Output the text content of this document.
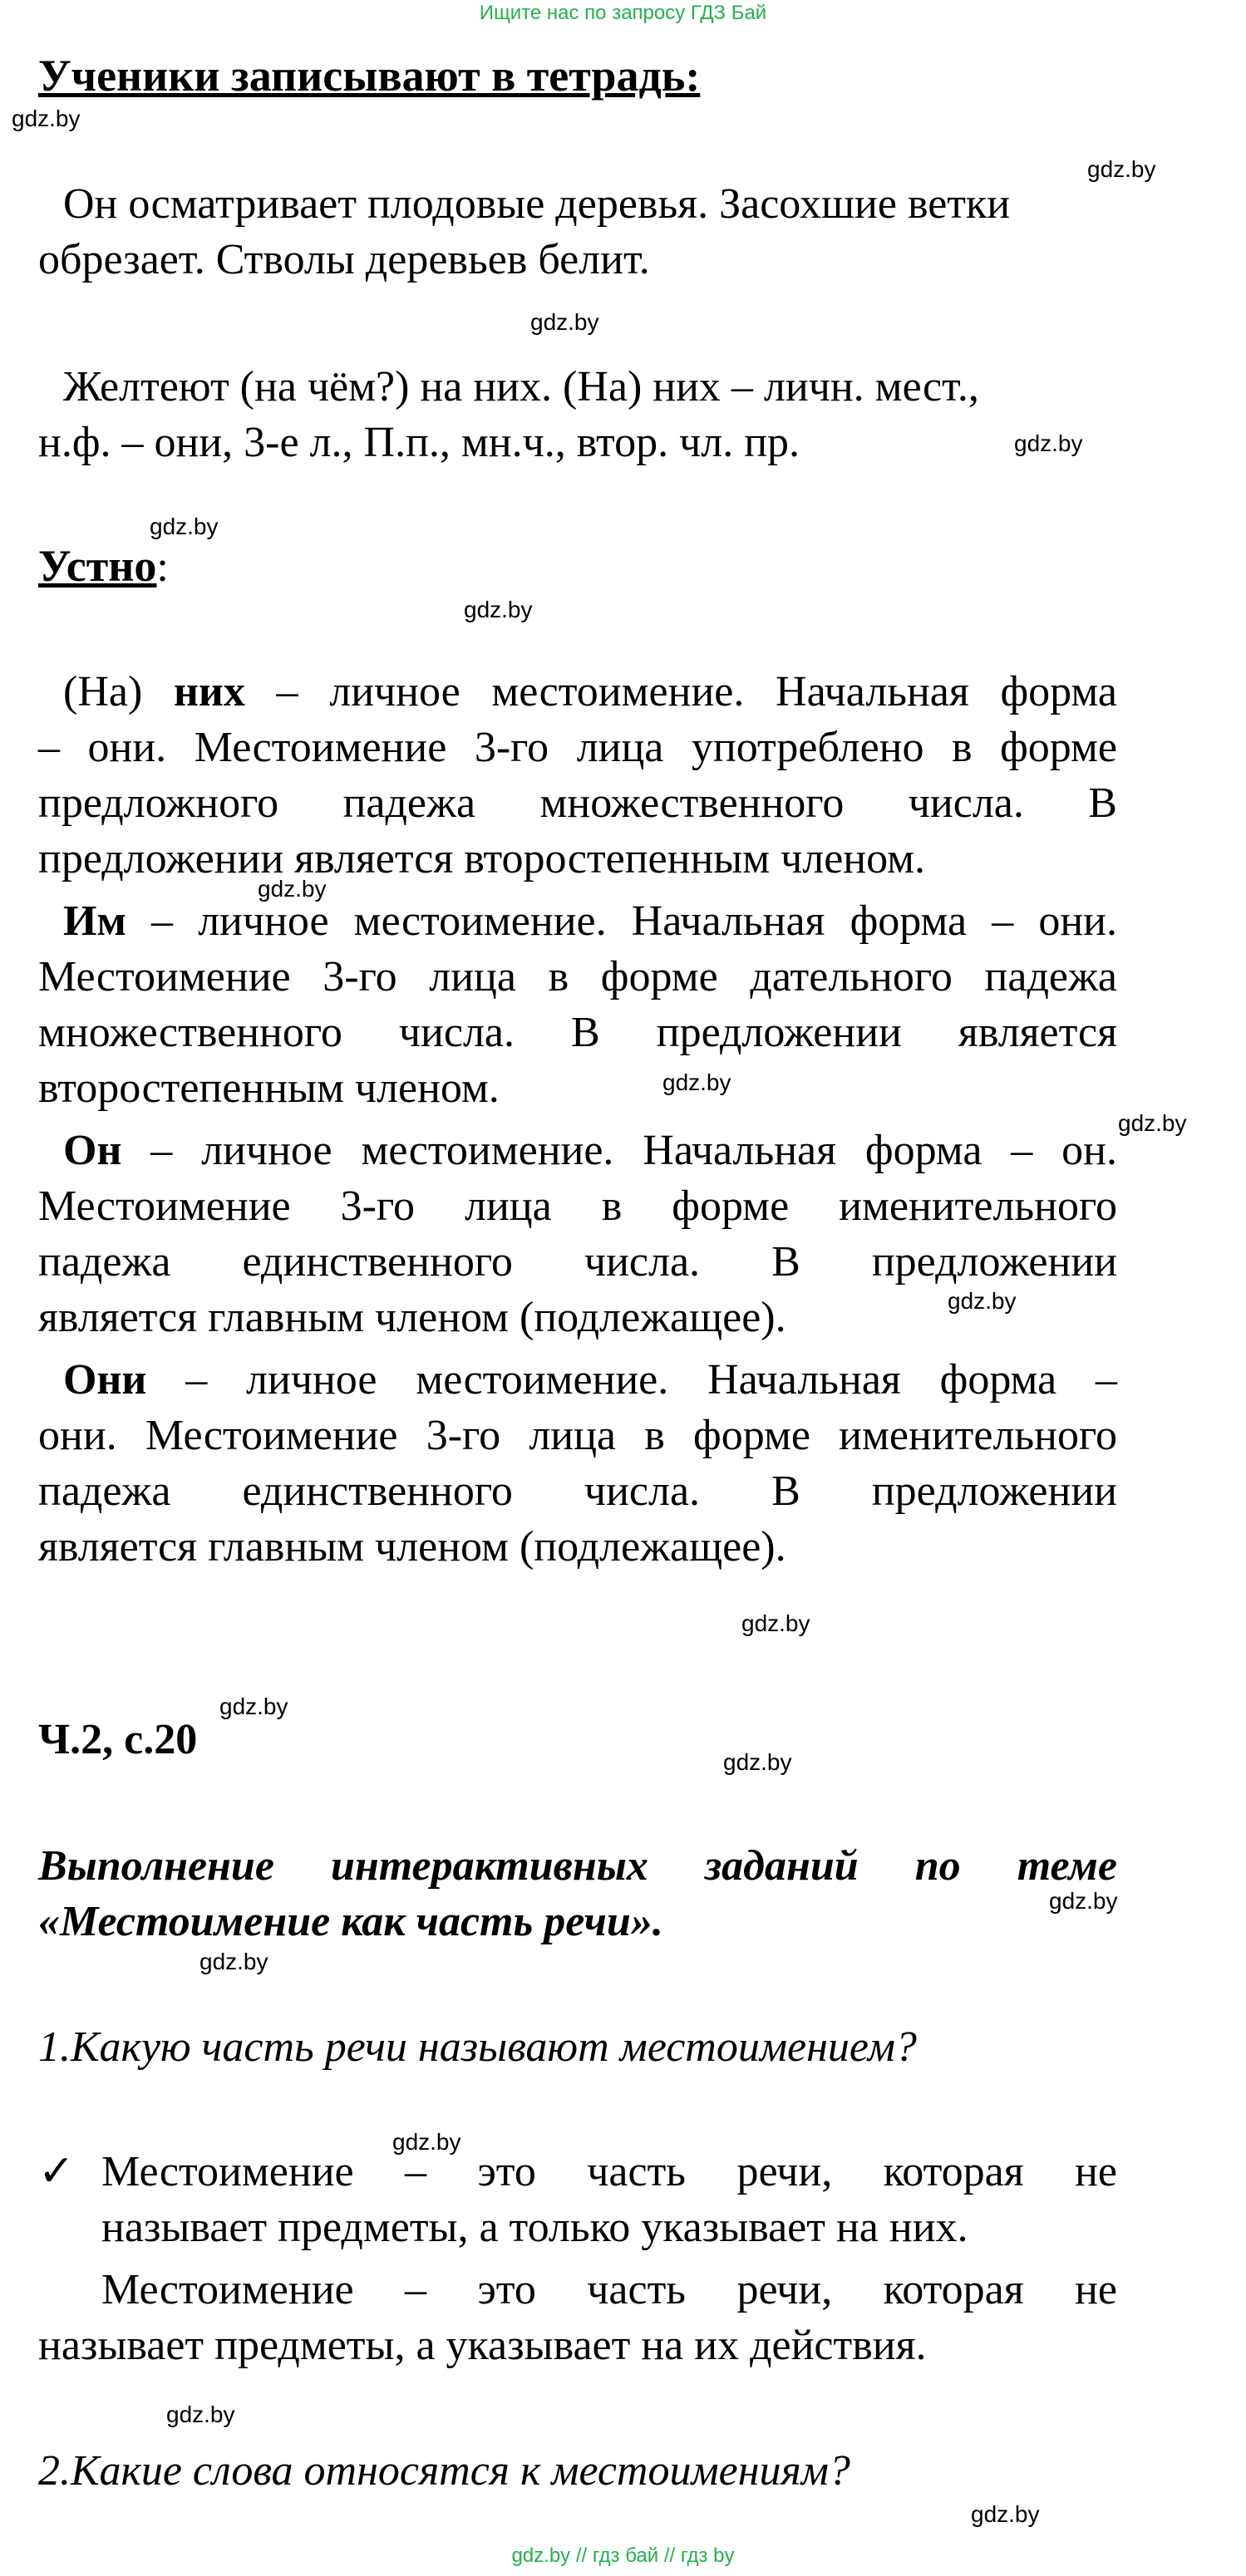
Ищите нас по запросу ГДЗ Бай
Ученики записывают в тетрадь:
gdz.by
gdz.by
gdz.by
gdz.by
gdz.by
gdz.by
gdz.by
gdz.by
gdz.by
gdz.by
gdz.by
gdz.by
gdz.by
gdz.by
gdz.by
gdz.by
gdz.by
gdz.by
Он осматривает плодовые деревья. Засохшие ветки
обрезает. Стволы деревьев белит.
Желтеют (на чём?) на них. (На) них – личн. мест.,
н.ф. – они, 3-е л., П.п., мн.ч., втор. чл. пр.
Устно:
(На) них – личное местоимение. Начальная форма
– они. Местоимение 3-го лица употреблено в форме
предложного падежа множественного числа. В
предложении является второстепенным членом.
Им – личное местоимение. Начальная форма – они.
Местоимение 3-го лица в форме дательного падежа
множественного числа. В предложении является
второстепенным членом.
Он – личное местоимение. Начальная форма – он.
Местоимение 3-го лица в форме именительного
падежа единственного числа. В предложении
является главным членом (подлежащее).
Они – личное местоимение. Начальная форма –
они. Местоимение 3-го лица в форме именительного
падежа единственного числа. В предложении
является главным членом (подлежащее).
Ч.2, с.20
Выполнение интерактивных заданий по теме
«Местоимение как часть речи».
1.Какую часть речи называют местоимением?
✓ Местоимение – это часть речи, которая не
называет предметы, а только указывает на них.
Местоимение – это часть речи, которая не
называет предметы, а указывает на их действия.
2.Какие слова относятся к местоимениям?
gdz.by // гдз бай // гдз by
